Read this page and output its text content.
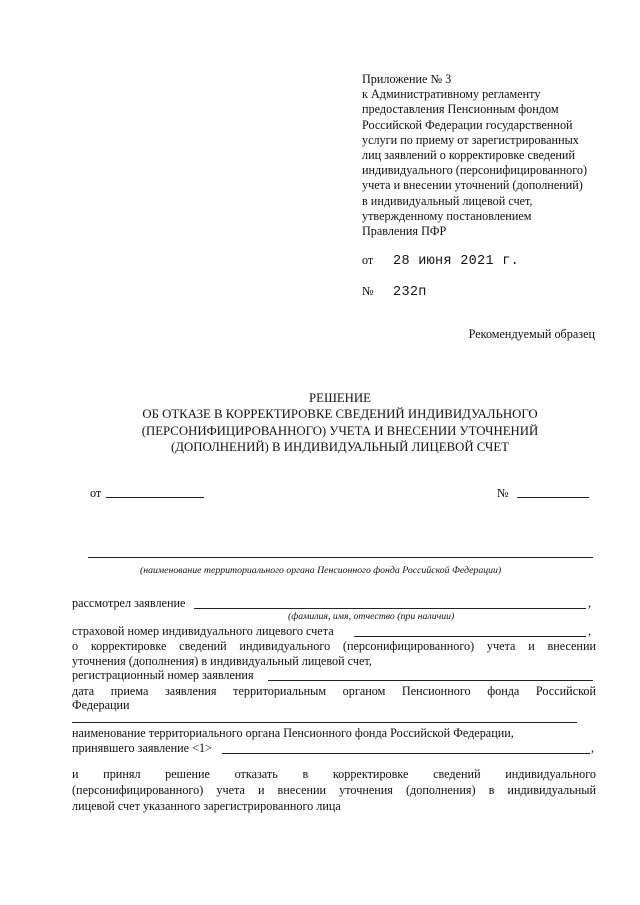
Приложение № 3
к Административному регламенту
предоставления Пенсионным фондом
Российской Федерации государственной
услуги по приему от зарегистрированных
лиц заявлений о корректировке сведений
индивидуального (персонифицированного)
учета и внесении уточнений (дополнений)
в индивидуальный лицевой счет,
утвержденному постановлением
Правления ПФР
от 28 июня 2021 г.
№ 232п
Рекомендуемый образец
РЕШЕНИЕ
ОБ ОТКАЗЕ В КОРРЕКТИРОВКЕ СВЕДЕНИЙ ИНДИВИДУАЛЬНОГО
(ПЕРСОНИФИЦИРОВАННОГО) УЧЕТА И ВНЕСЕНИИ УТОЧНЕНИЙ
(ДОПОЛНЕНИЙ) В ИНДИВИДУАЛЬНЫЙ ЛИЦЕВОЙ СЧЕТ
от	№
(наименование территориального органа Пенсионного фонда Российской Федерации)
рассмотрел заявление	,
(фамилия, имя, отчество (при наличии)
страховой номер индивидуального лицевого счета	,
о корректировке сведений индивидуального (персонифицированного) учета и внесении
уточнения (дополнения) в индивидуальный лицевой счет,
регистрационный номер заявления
дата приема заявления территориальным органом Пенсионного фонда Российской
Федерации
наименование территориального органа Пенсионного фонда Российской Федерации,
принявшего заявление <1>	,
и принял решение отказать в корректировке сведений индивидуального
(персонифицированного) учета и внесении уточнения (дополнения) в индивидуальный
лицевой счет указанного зарегистрированного лица
